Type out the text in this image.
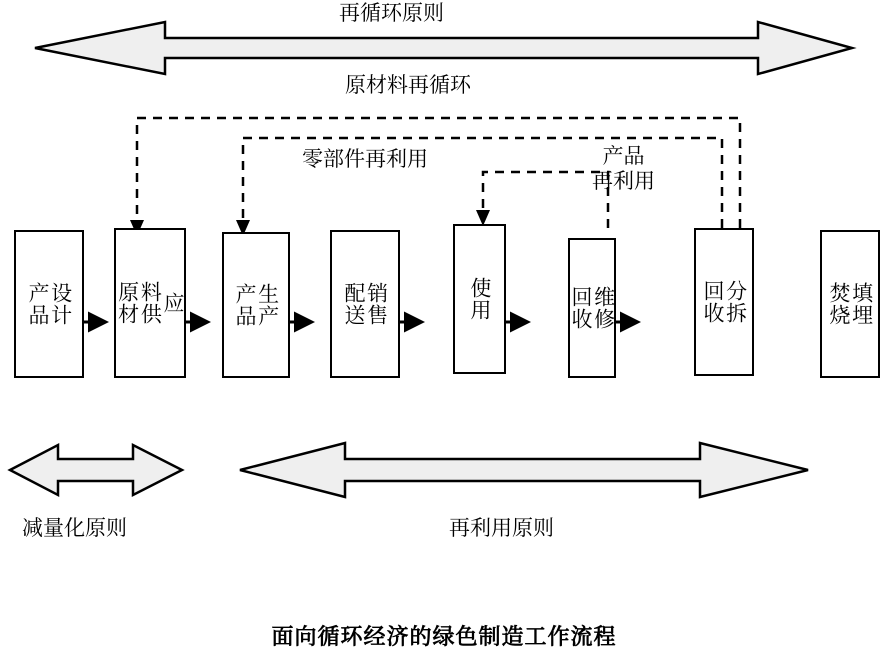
再循环原则
原材料再循环
零部件再利用	产品
再利用
产品
设计 原材
料供
应 产品
生产	配送
销售	使用	回收
维修	回收
分拆	焚烧
填埋
减量化原则	再利用原则
面向循环经济的绿色制造工作流程
